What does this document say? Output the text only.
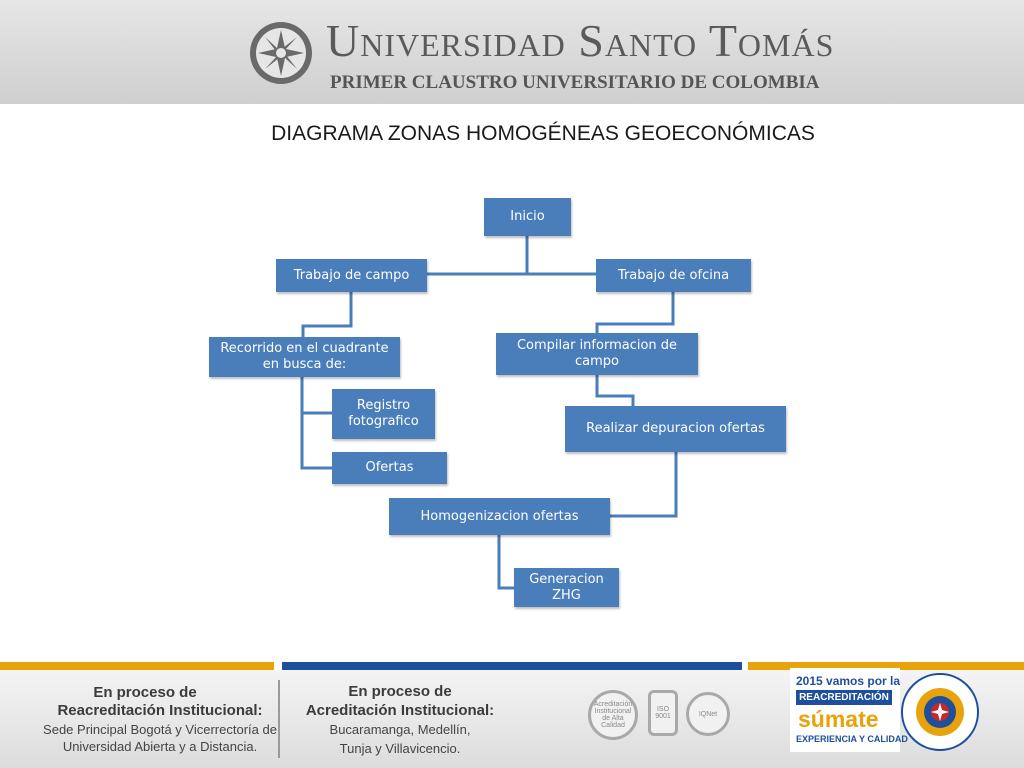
Universidad Santo Tomás
PRIMER CLAUSTRO UNIVERSITARIO DE COLOMBIA
DIAGRAMA ZONAS HOMOGÉNEAS GEOECONÓMICAS
Inicio
Trabajo de campo	Trabajo de ofcina
Recorrido en el cuadrante en busca de:
Registro fotografico
Ofertas
Compilar informacion de campo
Realizar depuracion ofertas
Homogenizacion ofertas
Generacion ZHG
En proceso de
Reacreditación Institucional:
Sede Principal Bogotá y Vicerrectoría de
Universidad Abierta y a Distancia.
En proceso de
Acreditación Institucional:
Bucaramanga, Medellín,
Tunja y Villavicencio.
Acreditación Institucional de Alta Calidad
ISO 9001	IQNet
2015 vamos por la
REACREDITACIÓN
súmate
EXPERIENCIA Y CALIDAD
